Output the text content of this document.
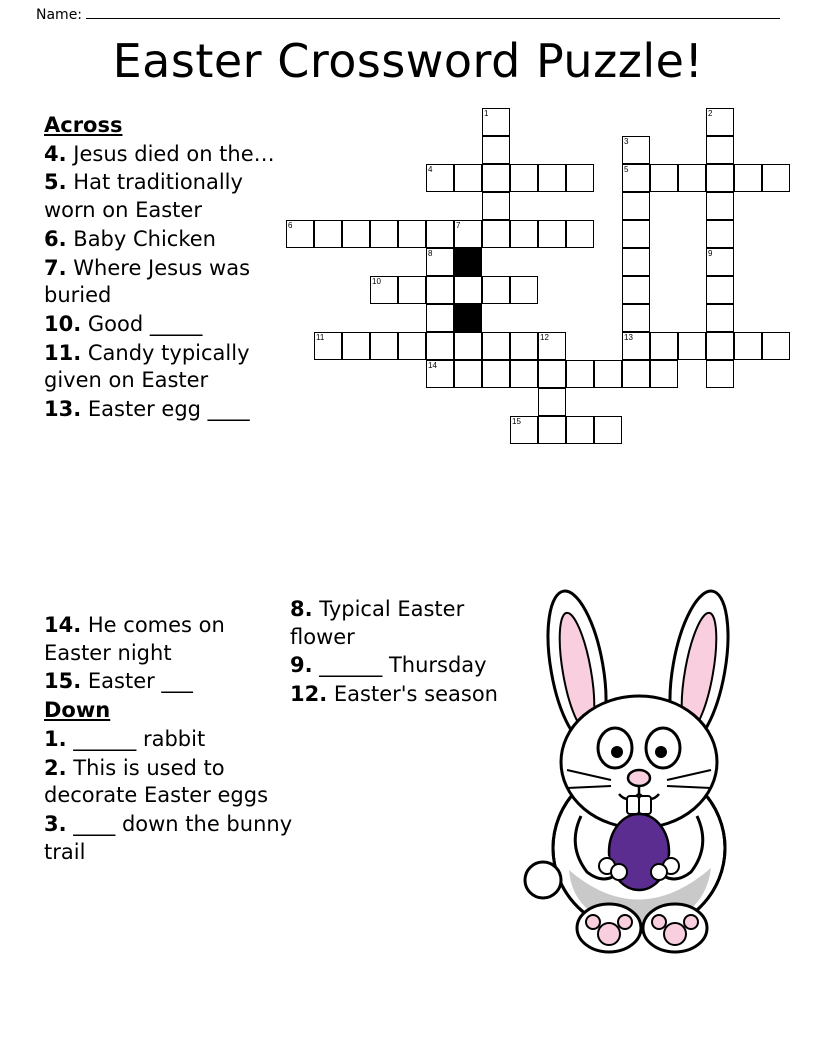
Name:
Easter Crossword Puzzle!
Across
4. Jesus died on the…
5. Hat traditionally worn on Easter
6. Baby Chicken
7. Where Jesus was buried
10. Good _____
11. Candy typically given on Easter
13. Easter egg ____
14. He comes on Easter night
15. Easter ___
Down
1. ______ rabbit
2. This is used to decorate Easter eggs
3. ____ down the bunny trail
8. Typical Easter flower
9. ______ Thursday
12. Easter's season
1	2
3
4	5
6	7
8	9
10
11	12	13
14
15
